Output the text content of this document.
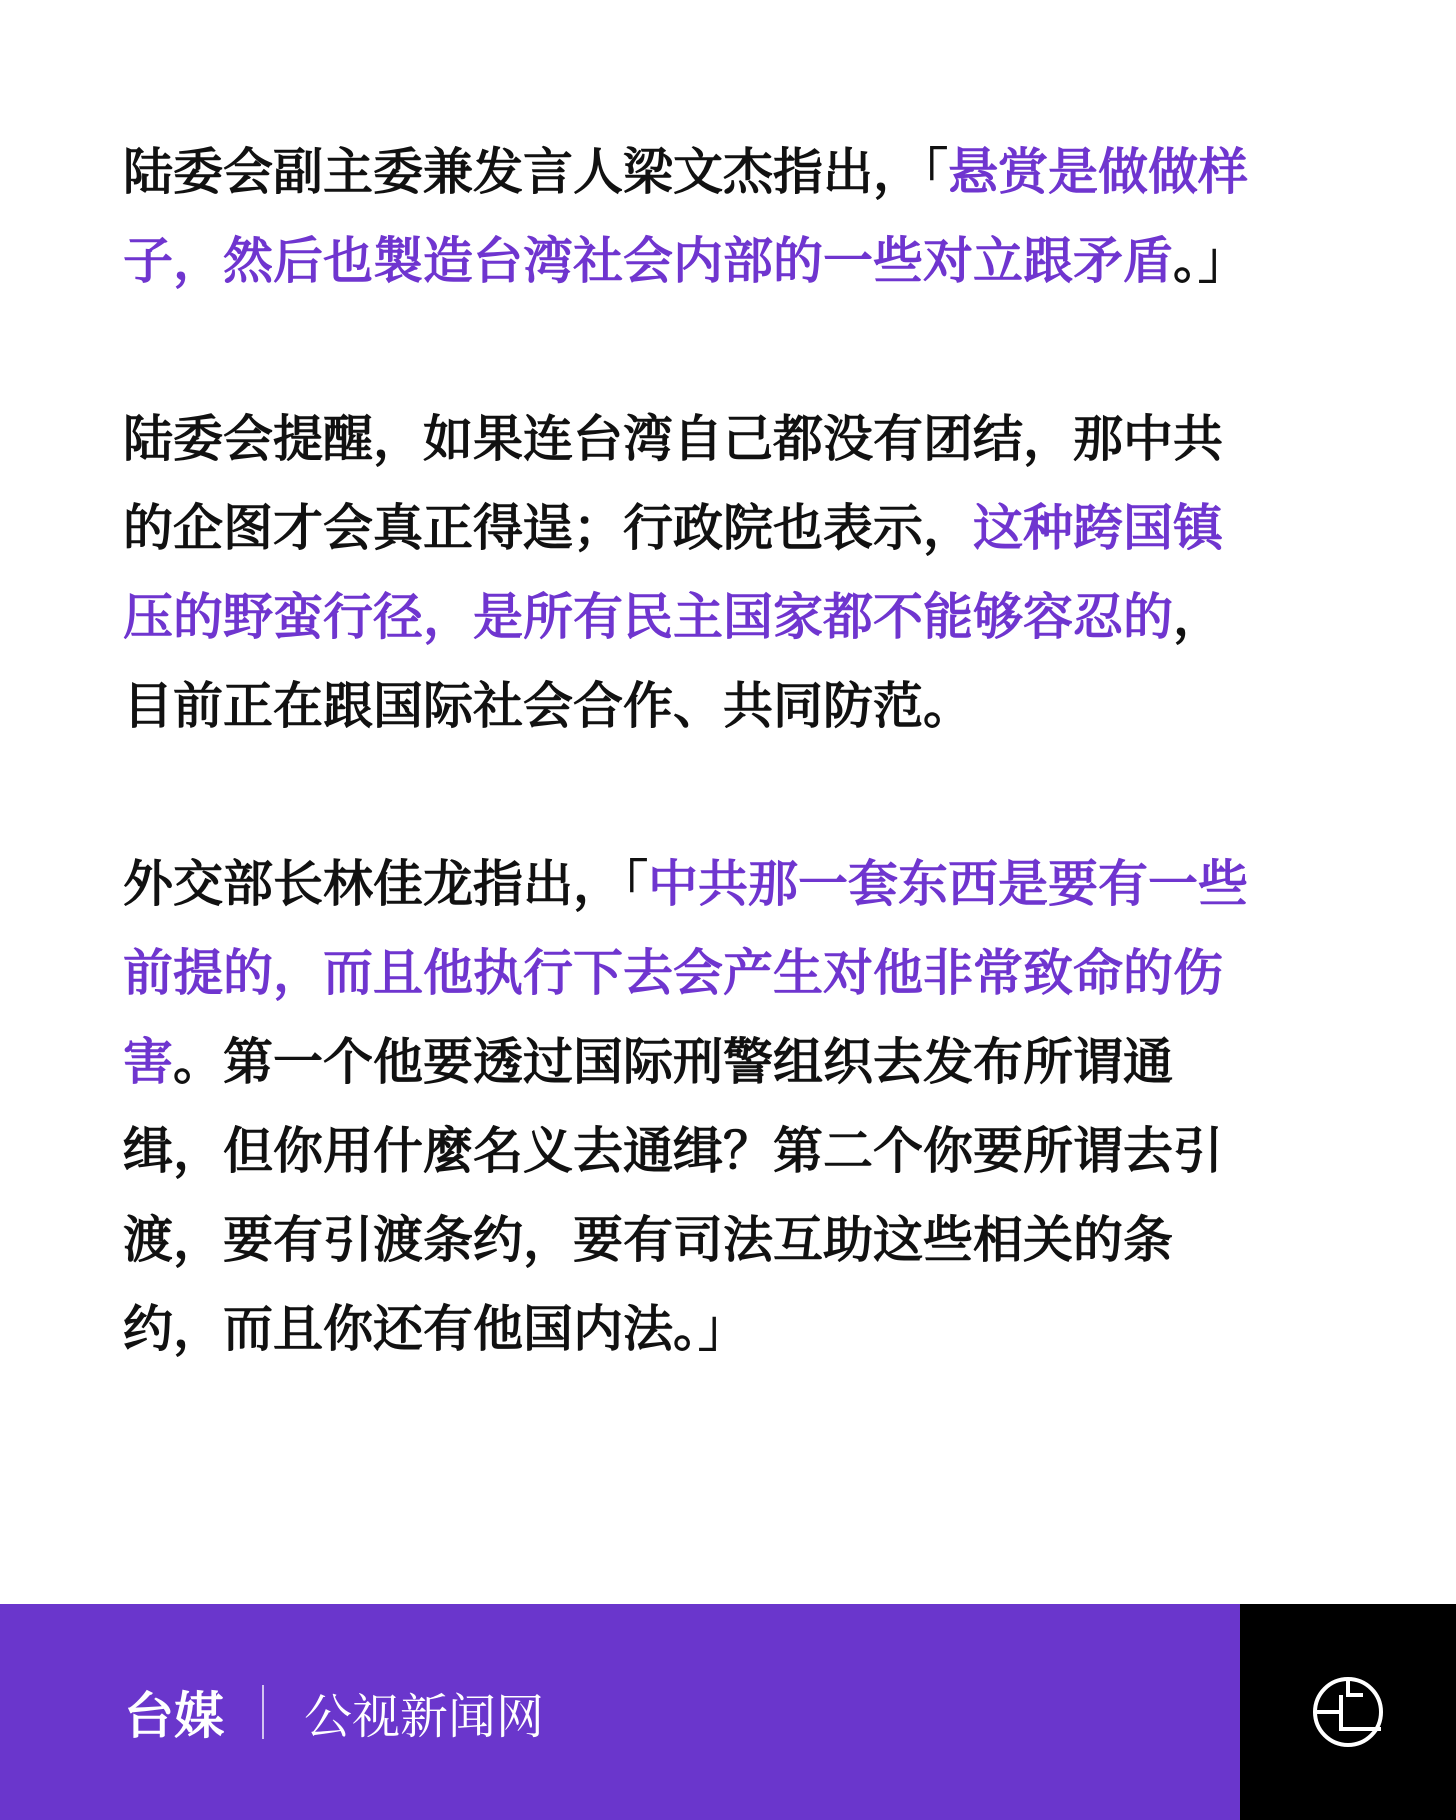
陆委会副主委兼发言人梁文杰指出，「悬赏是做做样
子，然后也製造台湾社会内部的一些对立跟矛盾。」
陆委会提醒，如果连台湾自己都没有团结，那中共
的企图才会真正得逞；行政院也表示，这种跨国镇
压的野蛮行径，是所有民主国家都不能够容忍的，
目前正在跟国际社会合作、共同防范。
外交部长林佳龙指出，「中共那一套东西是要有一些
前提的，而且他执行下去会产生对他非常致命的伤
害。第一个他要透过国际刑警组织去发布所谓通
缉，但你用什麼名义去通缉？第二个你要所谓去引
渡，要有引渡条约，要有司法互助这些相关的条
约，而且你还有他国内法。」
台媒 公视新闻网
